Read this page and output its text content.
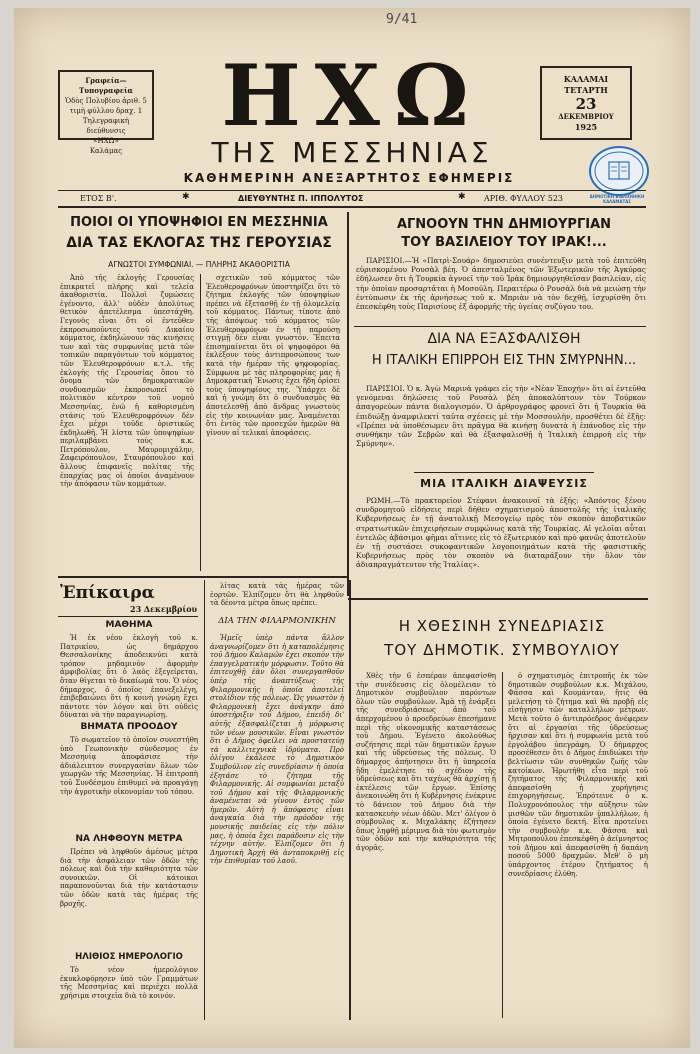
9/41
Γραφεία—Τυπογραφεία
Ὁδὸς Πολυβίου ἀριθ. 5
τιμὴ φύλλου δραχ. 1
Τηλεγραφικὴ διεύθυνσις
«ΗΧΩ»
Καλάμας
ΗΧΩ	ΚΑΛΑΜΑΙ
ΤΕΤΑΡΤΗ
23
ΔΕΚΕΜΒΡΙΟΥ
1925
ΤΗΣ ΜΕΣΣΗΝΙΑΣ
ΔΗΜΟΤΙΚΗ ΒΙΒΛΙΟΘΗΚΗ ΚΑΛΑΜΑΤΑΣ
ΚΑΘΗΜΕΡΙΝΗ ΑΝΕΞΑΡΤΗΤΟΣ ΕΦΗΜΕΡΙΣ
ΕΤΟΣ Β'.	✱	ΔΙΕΥΘΥΝΤΗΣ Π. ΙΠΠΟΛΥΤΟΣ	✱ ΑΡΙΘ. ΦΥΛΛΟΥ 523
ΠΟΙΟΙ ΟΙ ΥΠΟΨΗΦΙΟΙ ΕΝ ΜΕΣΣΗΝΙΑ
ΔΙΑ ΤΑΣ ΕΚΛΟΓΑΣ ΤΗΣ ΓΕΡΟΥΣΙΑΣ
ΑΓΝΩΣΤΟΙ ΣΥΜΦΩΝΙΑΙ. — ΠΛΗΡΗΣ ΑΚΑΘΟΡΙΣΤΙΑ
Ἀπὸ τῆς ἐκλογῆς Γερουσίας ἐπικρατεῖ πλήρης καὶ τελεία ἀκαθοριστία. Πολλοὶ ζυμώσεις ἐγένοντο, ἀλλ' οὐδὲν ἀπολύτως θετικὸν ἀπετέλεσμα ὑπεστάχθη. Γεγονὸς εἶναι ὅτι οἱ ἐντεῦθεν ἐκπροσωποῦντες τοῦ Δικαίου κόμματος, ἐκδηλώνουν τὰς κινήσεις των καὶ τὰς συμφωνίας μετὰ τῶν τοπικῶν παραγόντων τοῦ κόμματος τῶν Ἐλευθεροφρόνων κ.τ.λ. τῆς ἐκλογῆς τῆς Γερουσίας ὅπου τὸ ὄνομα τῶν δημοκρατικῶν συνδυασμῶν ἐκπροσωπεῖ τὸ πολιτικὸν κέντρον τοῦ νομοῦ Μεσσηνίας, ἐνῶ ἡ καθορισμένη στάσις τοῦ Ἐλευθεροφρόνων δὲν ἔχει μέχρι τοῦδε ὁριστικῶς ἐκδηλωθῆ. Ἡ λίστα τῶν ὑποψηφίων περιλαμβάνει τοὺς κ.κ. Πετρόπουλον, Μαυρομιχάλην, Ζαφειρόπουλον, Σταυρόπουλον καὶ ἄλλους ἐπιφανεῖς πολίτας τῆς ἐπαρχίας μας οἱ ὁποῖοι ἀναμένουν τὴν ἀπόφασιν τῶν κομμάτων.
σχετικῶν τοῦ κόμματος τῶν Ἐλευθεροφρόνων ὑποστηρίζει ὅτι τὸ ζήτημα ἐκλογῆς τῶν ὑποψηφίων πρέπει νὰ ἐξετασθῇ ἐν τῇ ὁλομελείᾳ τοῦ κόμματος. Πάντως τίποτε ἀπὸ τῆς ἀπόψεως τοῦ κόμματος τῶν Ἐλευθεροφρόνων ἐν τῇ παρούσῃ στιγμῇ δὲν εἶναι γνωστόν. Ἔπειτα ἐπισημαίνεται ὅτι οἱ ψηφοφόροι θὰ ἐκλέξουν τοὺς ἀντιπροσώπους των κατὰ τὴν ἡμέραν τῆς ψηφοφορίας. Σύμφωνα μὲ τὰς πληροφορίας μας ἡ Δημοκρατικὴ Ἕνωσις ἔχει ἤδη ὁρίσει τοὺς ὑποψηφίους της. Ὑπάρχει δὲ καὶ ἡ γνώμη ὅτι ὁ συνδυασμὸς θὰ ἀποτελεσθῇ ἀπὸ ἄνδρας γνωστοὺς εἰς τὴν κοινωνίαν μας. Ἀναμένεται ὅτι ἐντὸς τῶν προσεχῶν ἡμερῶν θὰ γίνουν αἱ τελικαὶ ἀποφάσεις.
ΑΓΝΟΟΥΝ ΤΗΝ ΔΗΜΙΟΥΡΓΙΑΝ
ΤΟΥ ΒΑΣΙΛΕΙΟΥ ΤΟΥ ΙΡΑΚ!...
ΠΑΡΙΣΙΟΙ.—Ἡ «Πατρὶ-Σουάρ» δημοσιεύει συνέντευξιν μετὰ τοῦ ἐπιτεύθη εὑρισκομένου Ρουσὰλ βέη. Ὁ ἀπεσταλμένος τῶν Ἐξωτερικῶν τῆς Ἀγκύρας ἐδήλωσεν ὅτι ἡ Τουρκία ἀγνοεῖ τὴν τοῦ Ἰρὰκ δημιουργηθεῖσαν βασιλείαν, εἰς τὴν ὁποίαν προσαρτᾶται ἡ Μοσούλη. Περαιτέρω ὁ Ρουσὰλ διὰ νὰ μειώσῃ τὴν ἐντύπωσιν ἐκ τῆς ἀρνήσεως τοῦ κ. Μπριὰν νὰ τὸν δεχθῇ, ἰσχυρίσθη ὅτι ἐπεσκέφθη τοὺς Παρισίους ἐξ ἀφορμῆς τῆς ὑγείας συζύγου του.
ΔΙΑ ΝΑ ΕΞΑΣΦΑΛΙΣΘΗ
Η ΙΤΑΛΙΚΗ ΕΠΙΡΡΟΗ ΕΙΣ ΤΗΝ ΣΜΥΡΝΗΝ...
ΠΑΡΙΣΙΟΙ. Ὁ κ. Ἀγὼ Μαρινὰ γράφει εἰς τὴν «Νέαν Ἐποχήν» ὅτι αἱ ἐντεῦθα γενόμεναι δηλώσεις τοῦ Ρουσὰλ βέη ἀποκαλύπτουν τὸν Τούρκον ἀπαγορεύων πάντα διαλογισμόν. Ὁ ἀρθρογράφος φρονεῖ ὅτι ἡ Τουρκία θὰ ἐπιδιώξῃ ἀναμφιλεκτί ταῦτα σχέσεις μὲ τὴν Μοσσουλὴν, προσθέτει δὲ ἐξῆς: «Πρέπει νὰ ὑποθέσωμεν ὅτι πρᾶγμα θὰ κινήσῃ δυνατὰ ἡ ἐπάνοδος εἰς τὴν συνθήκην τῶν Σεβρῶν καὶ θὰ ἐξασφαλισθῇ ἡ Ἰταλικὴ ἐπιρροὴ εἰς τὴν Σμύρνην».
ΜΙΑ ΙΤΑΛΙΚΗ ΔΙΑΨΕΥΣΙΣ
ΡΩΜΗ.—Τὸ πρακτορεῖον Στέφανι ἀνακοινοῖ τὰ ἑξῆς: «Ἀπόντος ξένου συνδρομητοῦ εἰδήσεις περὶ δῆθεν σχηματισμοῦ ἀποστολῆς τῆς ἰταλικῆς Κυβερνήσεως ἐν τῇ ἀνατολικῇ Μεσογείῳ πρὸς τὸν σκοπὸν ἀποβατικῶν στρατιωτικῶν ἐπιχειρήσεων συμφώνως κατὰ τῆς Τουρκίας. Αἱ γελοῖαι αὗται ἐντελῶς ἀβάσιμοι φῆμαι αἵτινες εἰς τὸ ἐξωτερικὸν καὶ πρὸ φανῶς ἀποτελοῦν ἐν τῇ συστάσει συκοφαντικῶν λογοποιημάτων κατὰ τῆς φασιστικῆς Κυβερνήσεως πρὸς τὸν σκοπὸν νὰ διαταράξουν τὴν ὅλον τὸν ἀδιαπραγμάτευτον τῆς Ἰταλίας».
Ἐπίκαιρα
23 Δεκεμβρίου
ΜΑΘΗΜΑ
Ἡ ἐκ νέου ἐκλογὴ τοῦ κ. Πατρικίου, ὡς δημάρχου Θεσσαλονίκης ἀποδεικνύει κατὰ τρόπον μηδαμινὸν ἀφορμὴν ἀμφιβολίας ὅτι ὁ λαὸς ἐξεγείρεται, ὅταν θίγεται τὸ δικαίωμά του. Ὁ νέος δήμαρχος, ὁ ὁποῖος ἐπανεξελέγη, ἐπιβεβαιώνει ὅτι ἡ κοινὴ γνώμη ἔχει πάντοτε τὸν λόγον καὶ ὅτι οὐδεὶς δύναται νὰ τὴν παραγνωρίσῃ.
ΒΗΜΑΤΑ ΠΡΟΟΔΟΥ
Τὸ σωματεῖον τὸ ὁποῖον συνεστήθη ὑπὸ Γεωπονικὴν σύνδεσμος ἐν Μεσσηνίᾳ ἀποφάσισε τὴν ἀδιάλειπτον συνεργασίαν ὅλων τῶν γεωργῶν τῆς Μεσσηνίας. Ἡ ἐπιτροπὴ τοῦ Συνδέσμου ἐπιθυμεῖ νὰ προαγάγῃ τὴν ἀγροτικὴν οἰκονομίαν τοῦ τόπου.
ΝΑ ΛΗΦΘΟΥΝ ΜΕΤΡΑ
Πρέπει νὰ ληφθοῦν ἀμέσως μέτρα διὰ τὴν ἀσφάλειαν τῶν ὁδῶν τῆς πόλεως καὶ διὰ τὴν καθαριότητα τῶν συνοικιῶν. Οἱ κάτοικοι παραπονοῦνται διὰ τὴν κατάστασιν τῶν ὁδῶν κατὰ τὰς ἡμέρας τῆς βροχῆς.
ΗΛΙΘΙΟΣ ΗΜΕΡΟΛΟΓΙΟ
Τὸ νέον ἡμερολόγιον ἐκυκλοφόρησεν ὑπὸ τῶν Γραμμάτων τῆς Μεσσηνίας καὶ περιέχει πολλὰ χρήσιμα στοιχεῖα διὰ τὸ κοινόν.
λίτας κατὰ τὰς ἡμέρας τῶν ἑορτῶν. Ἐλπίζομεν ὅτι θὰ ληφθοῦν τὰ δέοντα μέτρα ὅπως πρέπει.
ΔΙΑ ΤΗΝ ΦΙΛΑΡΜΟΝΙΚΗΝ
Ἡμεῖς ὑπὲρ πάντα ἄλλον ἀναγνωρίζομεν ὅτι ἡ καταπολέμησις τοῦ Δήμου Καλαμῶν ἔχει σκοπὸν τὴν ἐπαγγελματικὴν μόρφωσιν. Τοῦτο θὰ ἐπιτευχθῇ ἐὰν ὅλοι συνεργασθοῦν ὑπὲρ τῆς ἀναπτύξεως τῆς Φιλαρμονικῆς ἡ ὁποία ἀποτελεῖ στολίδιον τῆς πόλεως. Ὡς γνωστὸν ἡ Φιλαρμονικὴ ἔχει ἀνάγκην ἀπὸ ὑποστήριξιν τοῦ Δήμου, ἐπειδὴ δι' αὐτῆς ἐξασφαλίζεται ἡ μόρφωσις τῶν νέων μουσικῶν. Εἶναι γνωστὸν ὅτι ὁ Δῆμος ὀφείλει νὰ προστατεύῃ τὰ καλλιτεχνικὰ ἱδρύματα. Πρὸ ὀλίγου ἐκάλεσε τὸ Δημοτικὸν Συμβούλιον εἰς συνεδρίασιν ἡ ὁποία ἐξητάσε τὸ ζήτημα τῆς Φιλαρμονικῆς. Αἱ συμφωνίαι μεταξὺ τοῦ Δήμου καὶ τῆς Φιλαρμονικῆς ἀναμένεται νὰ γίνουν ἐντὸς τῶν ἡμερῶν. Αὐτὴ ἡ ἀπόφασις εἶναι ἀναγκαία διὰ τὴν πρόοδον τῆς μουσικῆς παιδείας εἰς τὴν πόλιν μας, ἡ ὁποία ἔχει παράδοσιν εἰς τὴν τέχνην αὐτήν. Ἐλπίζομεν ὅτι ἡ Δημοτικὴ Ἀρχὴ θὰ ἀνταποκριθῇ εἰς τὴν ἐπιθυμίαν τοῦ λαοῦ.
Η ΧΘΕΣΙΝΗ ΣΥΝΕΔΡΙΑΣΙΣ
ΤΟΥ ΔΗΜΟΤΙΚ. ΣΥΜΒΟΥΛΙΟΥ
Χθὲς τὴν 6 ἑσπέραν ἀπεφασίσθη τὴν συνέδευσις εἰς ὁλομέλειαν τὸ Δημοτικὸν συμβούλιον παρόντων ὅλων τῶν συμβούλων. Ἀμὰ τῇ ἐνάρξει τῆς συνεδριάσεως ἀπὸ τοῦ ἀπερχομένου ὁ προεδρεύων ἐπεσήμανε περὶ τῆς οἰκονομικῆς καταστάσεως τοῦ Δήμου. Ἐγένετο ἀκολούθως συζήτησις περὶ τῶν δημοτικῶν ἔργων καὶ τῆς ὑδρεύσεως τῆς πόλεως. Ὁ δήμαρχος ἀπήντησεν ὅτι ἡ ὑπηρεσία ἤδη ἐμελέτησε τὸ σχέδιον τῆς ὑδρεύσεως καὶ ὅτι ταχέως θὰ ἀρχίσῃ ἡ ἐκτέλεσις τῶν ἔργων. Ἐπίσης ἀνεκοινώθη ὅτι ἡ Κυβέρνησις ἐνέκρινε τὸ δάνειον τοῦ Δήμου διὰ τὴν κατασκευὴν νέων ὁδῶν. Μετ' ὀλίγον ὁ σύμβουλος κ. Μιχαλάκης ἐζήτησεν ὅπως ληφθῇ μέριμνα διὰ τὸν φωτισμὸν τῶν ὁδῶν καὶ τὴν καθαριότητα τῆς ἀγορᾶς.
ὁ σχηματισμὸς ἐπιτροπῆς ἐκ τῶν δημοτικῶν συμβούλων κ.κ. Μιχάλου, Φάσσα καὶ Κουμάνταν, ἥτις θὰ μελετήσῃ τὸ ζήτημα καὶ θὰ προβῇ εἰς εἰσήγησιν τῶν καταλλήλων μέτρων. Μετὰ τοῦτο ὁ ἀντιπρόεδρος ἀνέφερεν ὅτι αἱ ἐργασίαι τῆς ὑδρεύσεως ἤρχισαν καὶ ὅτι ἡ συμφωνία μετὰ τοῦ ἐργολάβου ὑπεγράφη. Ὁ δήμαρχος προσέθεσεν ὅτι ὁ Δῆμος ἐπιδιώκει τὴν βελτίωσιν τῶν συνθηκῶν ζωῆς τῶν κατοίκων. Ἠρωτήθη εἶτα περὶ τοῦ ζητήματος τῆς Φιλαρμονικῆς καὶ ἀπεφασίσθη ἡ χορήγησις ἐπιχορηγήσεως. Ἐπρότεινε ὁ κ. Πολυχρονόπουλος τὴν αὔξησιν τῶν μισθῶν τῶν δημοτικῶν ὑπαλλήλων, ἡ ὁποία ἐγένετο δεκτή. Εἶτα προτείνει τὴν συμβουλὴν κ.κ. Φάσσα καὶ Μητροπούλου ἐπεσκέφθη ὁ ἀείμνηστος τοῦ Δήμου καὶ ἀπεφασίσθη ἡ δαπάνη ποσοῦ 5000 δραχμῶν. Μεθ' ὃ μὴ ὑπάρχοντος ἑτέρου ζητήματος ἡ συνεδρίασις ἐλύθη.
